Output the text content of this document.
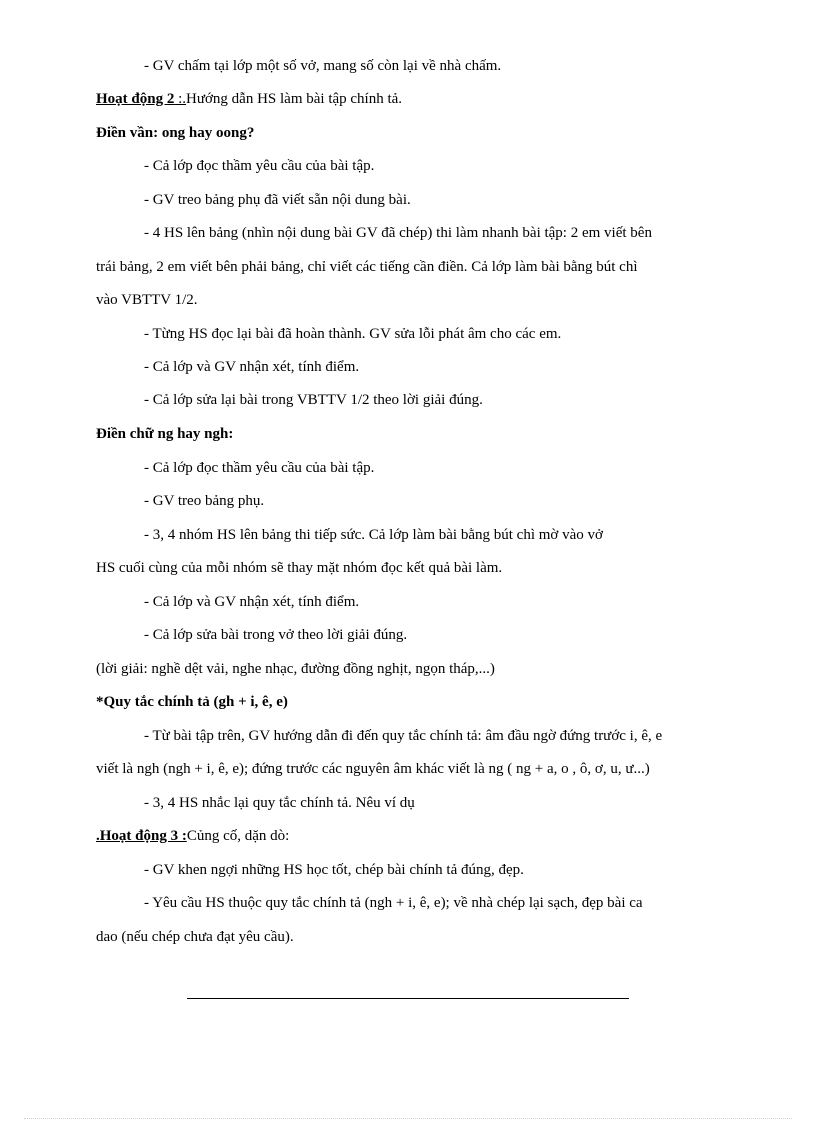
- GV chấm tại lớp một số vở, mang số còn lại về nhà chấm.
Hoạt động 2 :.Hướng dẫn HS làm bài tập chính tả.
Điền vần: ong hay oong?
- Cả lớp đọc thầm yêu cầu của bài tập.
- GV treo bảng phụ đã viết sẵn nội dung bài.
- 4 HS lên bảng (nhìn nội dung bài GV đã chép) thi làm nhanh bài tập: 2 em viết bên
trái bảng, 2 em viết bên phải bảng, chỉ viết các tiếng cần điền. Cả lớp làm bài bằng bút chì
vào VBTTV 1/2.
- Từng HS đọc lại bài đã hoàn thành. GV sửa lỗi phát âm cho các em.
- Cả lớp và GV nhận xét, tính điểm.
- Cả lớp sửa lại bài trong VBTTV 1/2 theo lời giải đúng.
Điền chữ ng hay ngh:
- Cả lớp đọc thầm yêu cầu của bài tập.
- GV treo bảng phụ.
- 3, 4 nhóm HS lên bảng thi tiếp sức. Cả lớp làm bài bằng bút chì mờ vào vở
HS cuối cùng của mỗi nhóm sẽ thay mặt nhóm đọc kết quả bài làm.
- Cả lớp và GV nhận xét, tính điểm.
- Cả lớp sửa bài trong vở theo lời giải đúng.
(lời giải: nghề dệt vải, nghe nhạc, đường đồng nghịt, ngọn tháp,...)
*Quy tắc chính tả (gh + i, ê, e)
- Từ bài tập trên, GV hướng dẫn đi đến quy tắc chính tả: âm đầu ngờ đứng trước i, ê, e
viết là ngh (ngh + i, ê, e); đứng trước các nguyên âm khác viết là ng ( ng + a, o , ô, ơ, u, ư...)
- 3, 4 HS nhắc lại quy tắc chính tả. Nêu ví dụ
.Hoạt động 3 :Củng cố, dặn dò:
- GV khen ngợi những HS học tốt, chép bài chính tả đúng, đẹp.
- Yêu cầu HS thuộc quy tắc chính tả (ngh + i, ê, e); về nhà chép lại sạch, đẹp bài ca
dao (nếu chép chưa đạt yêu cầu).
